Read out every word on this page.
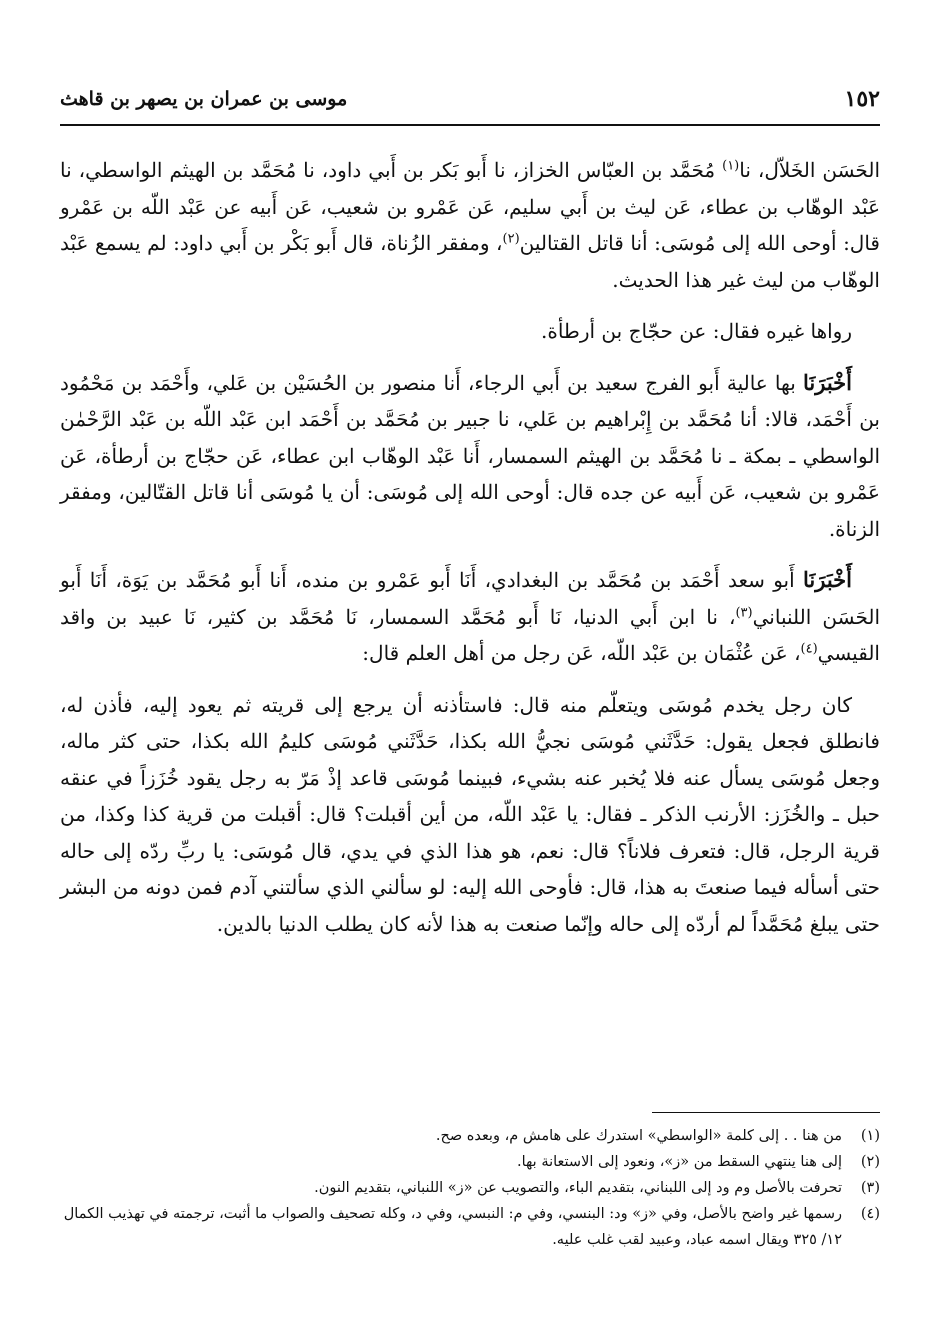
١٥٢
موسى بن عمران بن يصهر بن قاهث

الحَسَن الخَلاّل، نا$^{(١)}$ مُحَمَّد بن العبّاس الخزاز، نا أَبو بَكر بن أَبي داود، نا مُحَمَّد بن الهيثم الواسطي، نا عَبْد الوهّاب بن عطاء، عَن ليث بن أَبي سليم، عَن عَمْرو بن شعيب، عَن أَبيه عن عَبْد اللّه بن عَمْرو قال: أوحى الله إلى مُوسَى: أنا قاتل القتالين$^{(٢)}$، ومفقر الزُناة، قال أَبو بَكْر بن أَبي داود: لم يسمع عَبْد الوهّاب من ليث غير هذا الحديث.

رواها غيره فقال: عن حجّاج بن أرطأة.

أَخْبَرَنَا بها عالية أَبو الفرج سعيد بن أَبي الرجاء، أَنا منصور بن الحُسَيْن بن عَلي، وأَحْمَد بن مَحْمُود بن أَحْمَد، قالا: أنا مُحَمَّد بن إِبْراهيم بن عَلي، نا جبير بن مُحَمَّد بن أَحْمَد ابن عَبْد اللّه بن عَبْد الرَّحْمٰن الواسطي ـ بمكة ـ نا مُحَمَّد بن الهيثم السمسار، أَنا عَبْد الوهّاب ابن عطاء، عَن حجّاج بن أرطأة، عَن عَمْرو بن شعيب، عَن أَبيه عن جده قال: أوحى الله إلى مُوسَى: أن يا مُوسَى أنا قاتل القتّالين، ومفقر الزناة.

أَخْبَرَنَا أَبو سعد أَحْمَد بن مُحَمَّد بن البغدادي، أَنَا أَبو عَمْرو بن منده، أَنا أَبو مُحَمَّد بن يَوَة، أَنَا أَبو الحَسَن اللنباني$^{(٣)}$، نا ابن أَبي الدنيا، نَا أَبو مُحَمَّد السمسار، نَا مُحَمَّد بن كثير، نَا عبيد بن واقد القيسي$^{(٤)}$، عَن عُثْمَان بن عَبْد اللّه، عَن رجل من أهل العلم قال:

كان رجل يخدم مُوسَى ويتعلّم منه قال: فاستأذنه أن يرجع إلى قريته ثم يعود إليه، فأذن له، فانطلق فجعل يقول: حَدَّثَني مُوسَى نجيُّ الله بكذا، حَدَّثَني مُوسَى كليمُ الله بكذا، حتى كثر ماله، وجعل مُوسَى يسأل عنه فلا يُخبر عنه بشيء، فبينما مُوسَى قاعد إذْ مَرّ به رجل يقود خُزَزاً في عنقه حبل ـ والخُزَز: الأرنب الذكر ـ فقال: يا عَبْد اللّه، من أين أقبلت؟ قال: أقبلت من قرية كذا وكذا، من قرية الرجل، قال: فتعرف فلاناً؟ قال: نعم، هو هذا الذي في يدي، قال مُوسَى: يا ربِّ ردّه إلى حاله حتى أسأله فيما صنعتَ به هذا، قال: فأوحى الله إليه: لو سألني الذي سألتني آدم فمن دونه من البشر حتى يبلغ مُحَمَّداً لم أردّه إلى حاله وإنّما صنعت به هذا لأنه كان يطلب الدنيا بالدين.

(١)
من هنا . . إلى كلمة «الواسطي» استدرك على هامش م، وبعده صح.

(٢)
إلى هنا ينتهي السقط من «ز»، ونعود إلى الاستعانة بها.

(٣)
تحرفت بالأصل وم ود إلى اللبناني، بتقديم الباء، والتصويب عن «ز» اللنباني، بتقديم النون.

(٤)
رسمها غير واضح بالأصل، وفي «ز» ود: البنسي، وفي م: النبسي، وفي د، وكله تصحيف والصواب ما أثبت، ترجمته في تهذيب الكمال ١٢/ ٣٢٥ ويقال اسمه عباد، وعبيد لقب غلب عليه.
